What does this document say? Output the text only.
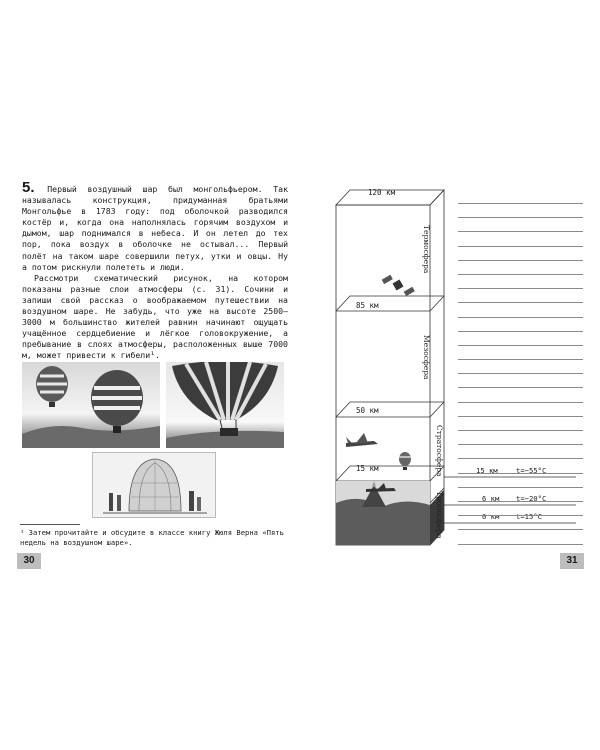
5. Первый воздушный шар был монгольфьером. Так называлась конструкция, придуманная братьями Монгольфье в 1783 году: под оболочкой разводился костёр и, когда она наполнялась горячим воздухом и дымом, шар поднимался в небеса. И он летел до тех пор, пока воздух в оболочке не остывал... Первый полёт на таком шаре совершили петух, утки и овцы. Ну а потом рискнули полететь и люди.

Рассмотри схематический рисунок, на котором показаны разные слои атмосферы (с. 31). Сочини и запиши свой рассказ о воображаемом путешествии на воздушном шаре. Не забудь, что уже на высоте 2500–3000 м большинство жителей равнин начинают ощущать учащённое сердцебиение и лёгкое головокружение, а пребывание в слоях атмосферы, расположенных выше 7000 м, может привести к гибели¹.

¹ Затем прочитайте и обсудите в классе книгу Жюля Верна «Пять недель на воздушном шаре».
30
120 км
85 км
50 км
15 км
Термосфера
Мезосфера
Стратосфера
Тропосфера
15 км	t=−55°C
6 км t=−20°C
0 км t=15°C
31
